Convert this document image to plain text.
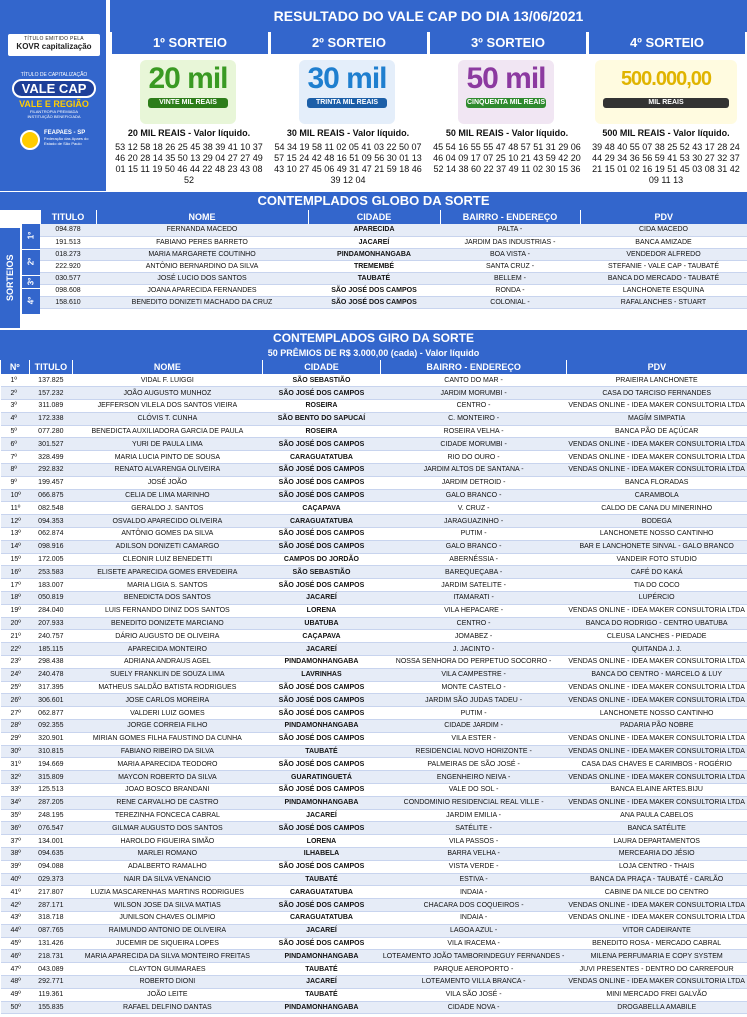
TÍTULO EMITIDO PELA
KOVR capitalização
TÍTULO DE CAPITALIZAÇÃO
VALE CAP
VALE E REGIÃO
FILANTROPIA PREMIADA
INSTITUIÇÃO BENEFICIADA
FEAPAES - SP
Federação das Apaes do Estado de São Paulo
RESULTADO DO VALE CAP DO DIA 13/06/2021
1º SORTEIO
20 mil
VINTE MIL REAIS
20 MIL REAIS - Valor líquido.
53 12 58 18 26 25 45 38 39 41 10 37 46 20 28 14 35 50 13 29 04 27 27 49 01 15 11 19 50 46 44 22 48 23 43 08 52
2º SORTEIO
30 mil
TRINTA MIL REAIS
30 MIL REAIS - Valor líquido.
54 34 19 58 11 02 05 41 03 22 50 07 57 15 24 42 48 16 51 09 56 30 01 13 43 10 27 45 06 49 31 47 21 59 18 46 39 12 04
3º SORTEIO
50 mil
CINQUENTA MIL REAIS
50 MIL REAIS - Valor líquido.
45 54 16 55 55 47 48 57 51 31 29 06 46 04 09 17 07 25 10 21 43 59 42 20 52 14 38 60 22 37 49 11 02 30 15 36
4º SORTEIO
500.000,00
MIL REAIS
500 MIL REAIS - Valor líquido.
39 48 40 55 07 38 25 52 43 17 28 24 44 29 34 36 56 59 41 53 30 27 32 37 21 15 01 02 16 19 51 45 03 08 31 42 09 11 13
CONTEMPLADOS GLOBO DA SORTE
	TITULO	NOME	CIDADE	BAIRRO - ENDEREÇO	PDV
	094.878	FERNANDA MACEDO	APARECIDA	PALTA -	CIDA MACEDO
	191.513	FABIANO PERES BARRETO	JACAREÍ	JARDIM DAS INDUSTRIAS -	BANCA AMIZADE
	018.273	MARIA MARGARETE COUTINHO	PINDAMONHANGABA	BOA VISTA -	VENDEDOR ALFREDO
	222.920	ANTÔNIO BERNARDINO DA SILVA	TREMEMBÉ	SANTA CRUZ -	STEFANIE - VALE CAP - TAUBATÉ
	030.577	JOSÉ LUCIO DOS SANTOS	TAUBATÉ	BELLEM -	BANCA DO MERCADO - TAUBATÉ
	098.608	JOANA APARECIDA FERNANDES	SÃO JOSÉ DOS CAMPOS	RONDA -	LANCHONETE ESQUINA
	158.610	BENEDITO DONIZETI MACHADO DA CRUZ	SÃO JOSÉ DOS CAMPOS	COLONIAL -	RAFALANCHES - STUART
SORTEIOS
1º
2º
3º
4º
CONTEMPLADOS GIRO DA SORTE
50 PRÊMIOS DE R$ 3.000,00 (cada) - Valor líquido
Nº	TITULO	NOME	CIDADE	BAIRRO - ENDEREÇO	PDV
1º	137.825	VIDAL F. LUIGGI	SÃO SEBASTIÃO	CANTO DO MAR -	PRAIEIRA LANCHONETE
2º	157.232	JOÃO AUGUSTO MUNHOZ	SÃO JOSÉ DOS CAMPOS	JARDIM MORUMBI -	CASA DO TARCISO FERNANDES
3º	311.089	JEFFERSON VILELA DOS SANTOS VIEIRA	ROSEIRA	CENTRO -	VENDAS ONLINE - IDEA MAKER CONSULTORIA LTDA
4º	172.338	CLÓVIS T. CUNHA	SÃO BENTO DO SAPUCAÍ	C. MONTEIRO -	MAGÍM SIMPATIA
5º	077.280	BENEDICTA AUXILIADORA GARCIA DE PAULA	ROSEIRA	ROSEIRA VELHA -	BANCA PÃO DE AÇÚCAR
6º	301.527	YURI DE PAULA LIMA	SÃO JOSÉ DOS CAMPOS	CIDADE MORUMBI -	VENDAS ONLINE - IDEA MAKER CONSULTORIA LTDA
7º	328.499	MARIA LUCIA PINTO DE SOUSA	CARAGUATATUBA	RIO DO OURO -	VENDAS ONLINE - IDEA MAKER CONSULTORIA LTDA
8º	292.832	RENATO ALVARENGA OLIVEIRA	SÃO JOSÉ DOS CAMPOS	JARDIM ALTOS DE SANTANA -	VENDAS ONLINE - IDEA MAKER CONSULTORIA LTDA
9º	199.457	JOSÉ JOÃO	SÃO JOSÉ DOS CAMPOS	JARDIM DETROID -	BANCA FLORADAS
10º	066.875	CELIA DE LIMA MARINHO	SÃO JOSÉ DOS CAMPOS	GALO BRANCO -	CARAMBOLA
11º	082.548	GERALDO J. SANTOS	CAÇAPAVA	V. CRUZ -	CALDO DE CANA DU MINERINHO
12º	094.353	OSVALDO APARECIDO OLIVEIRA	CARAGUATATUBA	JARAGUAZINHO -	BODEGA
13º	062.874	ANTÔNIO GOMES DA SILVA	SÃO JOSÉ DOS CAMPOS	PUTIM -	LANCHONETE NOSSO CANTINHO
14º	098.916	ADILSON DONIZETI CAMARGO	SÃO JOSÉ DOS CAMPOS	GALO BRANCO -	BAR E LANCHONETE SINVAL - GALO BRANCO
15º	172.005	CLEONIR LUIZ BENEDETTI	CAMPOS DO JORDÃO	ABERNÉSSIA -	VANDEIR FOTO STUDIO
16º	253.583	ELISETE APARECIDA GOMES ERVEDEIRA	SÃO SEBASTIÃO	BAREQUEÇABA -	CAFÉ DO KAKÁ
17º	183.007	MARIA LIGIA S. SANTOS	SÃO JOSÉ DOS CAMPOS	JARDIM SATELITE -	TIA DO COCO
18º	050.819	BENEDICTA DOS SANTOS	JACAREÍ	ITAMARATI -	LUPÉRCIO
19º	284.040	LUIS FERNANDO DINIZ DOS SANTOS	LORENA	VILA HEPACARE -	VENDAS ONLINE - IDEA MAKER CONSULTORIA LTDA
20º	207.933	BENEDITO DONIZETE MARCIANO	UBATUBA	CENTRO -	BANCA DO RODRIGO - CENTRO UBATUBA
21º	240.757	DÁRIO AUGUSTO DE OLIVEIRA	CAÇAPAVA	JOMABEZ -	CLEUSA LANCHES - PIEDADE
22º	185.115	APARECIDA MONTEIRO	JACAREÍ	J. JACINTO -	QUITANDA J. J.
23º	298.438	ADRIANA ANDRAUS AGEL	PINDAMONHANGABA	NOSSA SENHORA DO PERPETUO SOCORRO -	VENDAS ONLINE - IDEA MAKER CONSULTORIA LTDA
24º	240.478	SUELY FRANKLIN DE SOUZA LIMA	LAVRINHAS	VILA CAMPESTRE -	BANCA DO CENTRO - MARCELO & LUY
25º	317.395	MATHEUS SALDÃO BATISTA RODRIGUES	SÃO JOSÉ DOS CAMPOS	MONTE CASTELO -	VENDAS ONLINE - IDEA MAKER CONSULTORIA LTDA
26º	306.601	JOSE CARLOS MOREIRA	SÃO JOSÉ DOS CAMPOS	JARDIM SÃO JUDAS TADEU -	VENDAS ONLINE - IDEA MAKER CONSULTORIA LTDA
27º	062.877	VALDERI LUIZ GOMES	SÃO JOSÉ DOS CAMPOS	PUTIM -	LANCHONETE NOSSO CANTINHO
28º	092.355	JORGE CORREIA FILHO	PINDAMONHANGABA	CIDADE JARDIM -	PADARIA PÃO NOBRE
29º	320.901	MIRIAN GOMES FILHA FAUSTINO DA CUNHA	SÃO JOSÉ DOS CAMPOS	VILA ESTER -	VENDAS ONLINE - IDEA MAKER CONSULTORIA LTDA
30º	310.815	FABIANO RIBEIRO DA SILVA	TAUBATÉ	RESIDENCIAL NOVO HORIZONTE -	VENDAS ONLINE - IDEA MAKER CONSULTORIA LTDA
31º	194.669	MARIA APARECIDA TEODORO	SÃO JOSÉ DOS CAMPOS	PALMEIRAS DE SÃO JOSÉ -	CASA DAS CHAVES E CARIMBOS - ROGÉRIO
32º	315.809	MAYCON ROBERTO DA SILVA	GUARATINGUETÁ	ENGENHEIRO NEIVA -	VENDAS ONLINE - IDEA MAKER CONSULTORIA LTDA
33º	125.513	JOAO BOSCO BRANDANI	SÃO JOSÉ DOS CAMPOS	VALE DO SOL -	BANCA ELAINE ARTES.BIJU
34º	287.205	RENE CARVALHO DE CASTRO	PINDAMONHANGABA	CONDOMINIO RESIDENCIAL REAL VILLE -	VENDAS ONLINE - IDEA MAKER CONSULTORIA LTDA
35º	248.195	TEREZINHA FONCECA CABRAL	JACAREÍ	JARDIM EMILIA -	ANA PAULA CABELOS
36º	076.547	GILMAR AUGUSTO DOS SANTOS	SÃO JOSÉ DOS CAMPOS	SATÉLITE -	BANCA SATÉLITE
37º	134.001	HAROLDO FIGUEIRA SIMÃO	LORENA	VILA PASSOS -	LAURA DEPARTAMENTOS
38º	094.635	MARLEI ROMANO	ILHABELA	BARRA VELHA -	MERCEARIA DO JÉSIO
39º	094.088	ADALBERTO RAMALHO	SÃO JOSÉ DOS CAMPOS	VISTA VERDE -	LOJA CENTRO - THAIS
40º	029.373	NAIR DA SILVA VENANCIO	TAUBATÉ	ESTIVA -	BANCA DA PRAÇA - TAUBATÉ - CARLÃO
41º	217.807	LUZIA MASCARENHAS MARTINS RODRIGUES	CARAGUATATUBA	INDAIA -	CABINE DA NILCE DO CENTRO
42º	287.171	WILSON JOSE DA SILVA MATIAS	SÃO JOSÉ DOS CAMPOS	CHACARA DOS COQUEIROS -	VENDAS ONLINE - IDEA MAKER CONSULTORIA LTDA
43º	318.718	JUNILSON CHAVES OLIMPIO	CARAGUATATUBA	INDAIA -	VENDAS ONLINE - IDEA MAKER CONSULTORIA LTDA
44º	087.765	RAIMUNDO ANTONIO DE OLIVEIRA	JACAREÍ	LAGOA AZUL -	VITOR CADEIRANTE
45º	131.426	JUCEMIR DE SIQUEIRA LOPES	SÃO JOSÉ DOS CAMPOS	VILA IRACEMA -	BENEDITO ROSA - MERCADO CABRAL
46º	218.731	MARIA APARECIDA DA SILVA MONTEIRO FREITAS	PINDAMONHANGABA	LOTEAMENTO JOÃO TAMBORINDEGUY FERNANDES -	MILENA PERFUMARIA E COPY SYSTEM
47º	043.089	CLAYTON GUIMARAES	TAUBATÉ	PARQUE AEROPORTO -	JUVI PRESENTES - DENTRO DO CARREFOUR
48º	292.771	ROBERTO DIONI	JACAREÍ	LOTEAMENTO VILLA BRANCA -	VENDAS ONLINE - IDEA MAKER CONSULTORIA LTDA
49º	119.361	JOÃO LEITE	TAUBATÉ	VILA SÃO JOSÉ -	MINI MERCADO FREI GALVÃO
50º	155.835	RAFAEL DELFINO DANTAS	PINDAMONHANGABA	CIDADE NOVA -	DROGABELLA AMABILE
